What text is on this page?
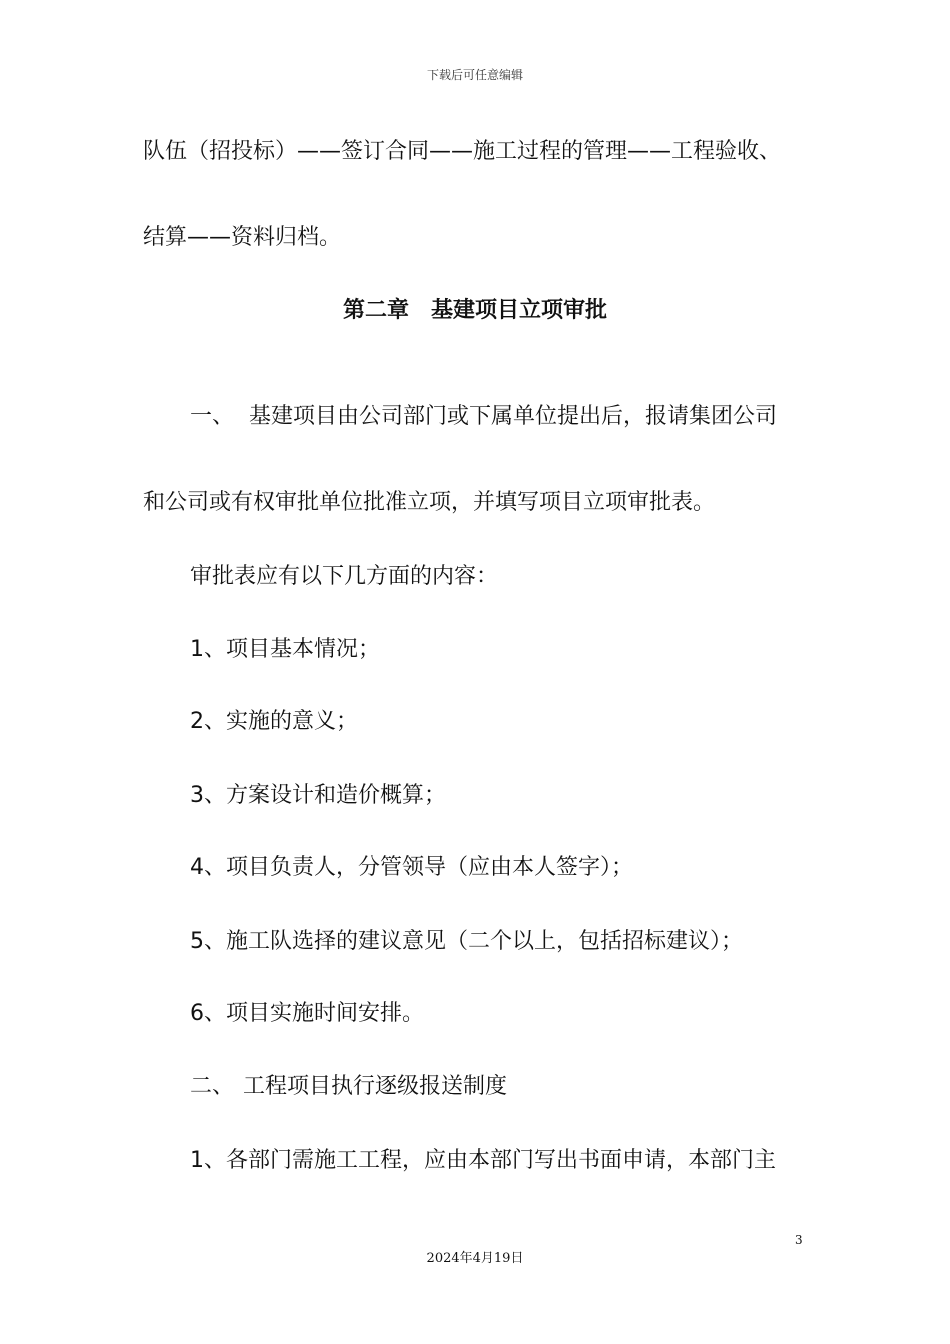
下载后可任意编辑
队伍（招投标）——签订合同——施工过程的管理——工程验收、
结算——资料归档。
第二章　基建项目立项审批
一、 基建项目由公司部门或下属单位提出后，报请集团公司
和公司或有权审批单位批准立项，并填写项目立项审批表。
审批表应有以下几方面的内容：
1、项目基本情况；
2、实施的意义；
3、方案设计和造价概算；
4、项目负责人，分管领导（应由本人签字）；
5、施工队选择的建议意见（二个以上，包括招标建议）；
6、项目实施时间安排。
二、 工程项目执行逐级报送制度
1、各部门需施工工程，应由本部门写出书面申请，本部门主
3
2024年4月19日
